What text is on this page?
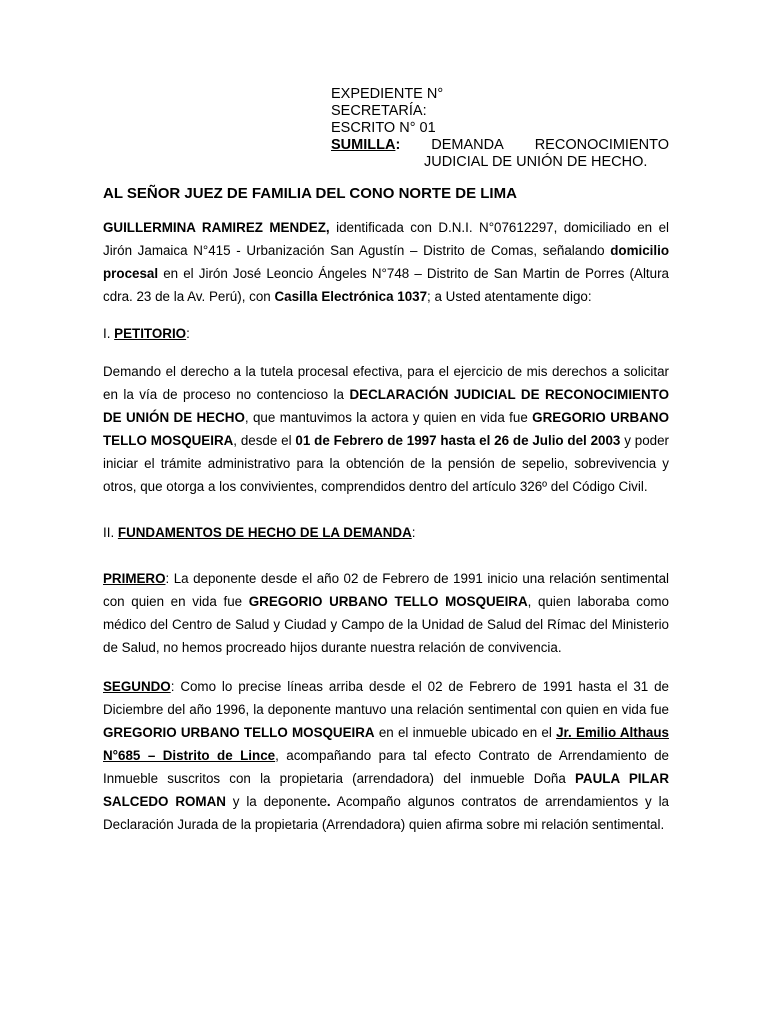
EXPEDIENTE N°
SECRETARÍA:
ESCRITO N° 01
SUMILLA: DEMANDA RECONOCIMIENTO
JUDICIAL DE UNIÓN DE HECHO.
AL SEÑOR JUEZ DE FAMILIA DEL CONO NORTE DE LIMA

GUILLERMINA RAMIREZ MENDEZ, identificada con D.N.I. N°07612297, domiciliado en el Jirón Jamaica N°415 - Urbanización San Agustín – Distrito de Comas, señalando domicilio procesal en el Jirón José Leoncio Ángeles N°748 – Distrito de San Martin de Porres (Altura cdra. 23 de la Av. Perú), con Casilla Electrónica 1037; a Usted atentamente digo:

I. PETITORIO:

Demando el derecho a la tutela procesal efectiva, para el ejercicio de mis derechos a solicitar en la vía de proceso no contencioso la DECLARACIÓN JUDICIAL DE RECONOCIMIENTO DE UNIÓN DE HECHO, que mantuvimos la actora y quien en vida fue GREGORIO URBANO TELLO MOSQUEIRA, desde el 01 de Febrero de 1997 hasta el 26 de Julio del 2003 y poder iniciar el trámite administrativo para la obtención de la pensión de sepelio, sobrevivencia y otros, que otorga a los convivientes, comprendidos dentro del artículo 326º del Código Civil.

II. FUNDAMENTOS DE HECHO DE LA DEMANDA:

PRIMERO: La deponente desde el año 02 de Febrero de 1991 inicio una relación sentimental con quien en vida fue GREGORIO URBANO TELLO MOSQUEIRA, quien laboraba como médico del Centro de Salud y Ciudad y Campo de la Unidad de Salud del Rímac del Ministerio de Salud, no hemos procreado hijos durante nuestra relación de convivencia.

SEGUNDO: Como lo precise líneas arriba desde el 02 de Febrero de 1991 hasta el 31 de Diciembre del año 1996, la deponente mantuvo una relación sentimental con quien en vida fue GREGORIO URBANO TELLO MOSQUEIRA en el inmueble ubicado en el Jr. Emilio Althaus N°685 – Distrito de Lince, acompañando para tal efecto Contrato de Arrendamiento de Inmueble suscritos con la propietaria (arrendadora) del inmueble Doña PAULA PILAR SALCEDO ROMAN y la deponente. Acompaño algunos contratos de arrendamientos y la Declaración Jurada de la propietaria (Arrendadora) quien afirma sobre mi relación sentimental.
